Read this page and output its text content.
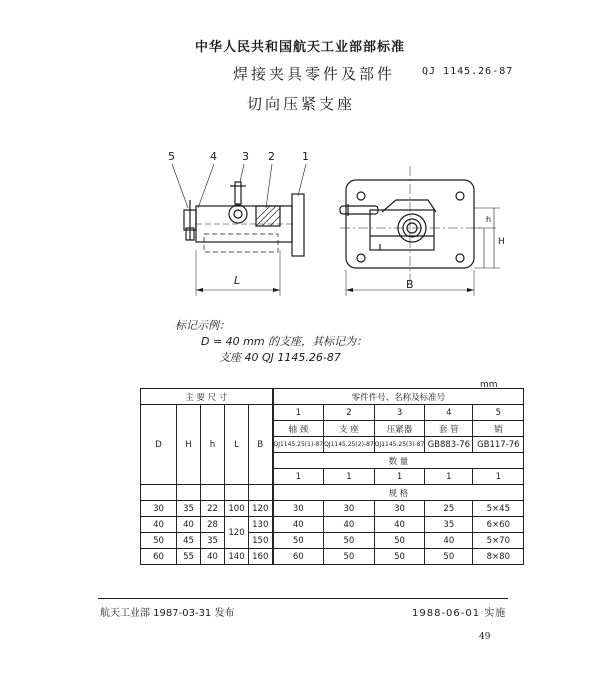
中华人民共和国航天工业部部标准
焊接夹具零件及部件	QJ 1145.26-87
切向压紧支座
5	4 3 2 1
L	B
H
h
标记示例：
D = 40 mm 的支座，其标记为：
支座 40 QJ 1145.26-87
mm
主 要 尺 寸					零件件号、名称及标准号				
D	H	h	L	B	1	2	3	4	5
					轴 颈	支 座	压紧器	套 管	销
					QJ1145.25(1)-87	QJ1145.25(2)-87	QJ1145.25(3)-87	GB883-76	GB117-76
					数 量				
					1	1	1	1	1
					规 格				
30	35	22	100	120	30	30	30	25	5×45
40	40	28	120	130	40	40	40	35	6×60
50	45	35		150	50	50	50	40	5×70
60	55	40	140	160	60	50	50	50	8×80
航天工业部 1987-03-31 发布	1988-06-01 实施
49
